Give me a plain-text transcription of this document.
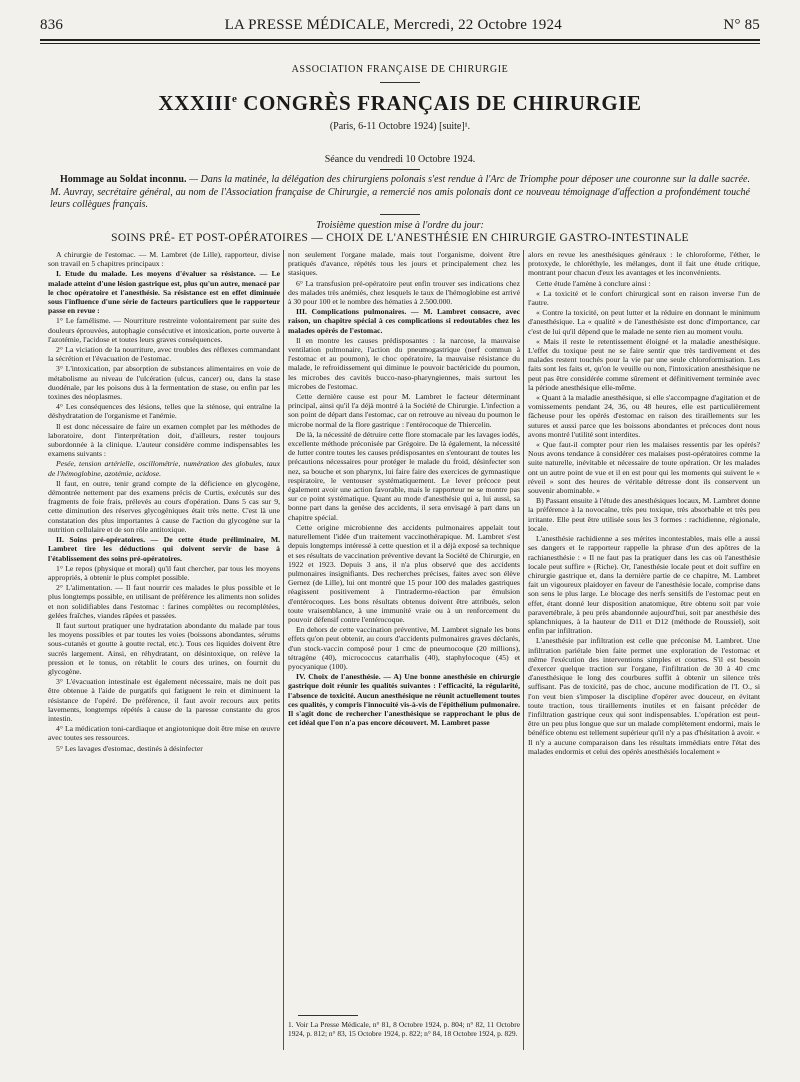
836	LA PRESSE MÉDICALE, Mercredi, 22 Octobre 1924	N° 85
ASSOCIATION FRANÇAISE DE CHIRURGIE
XXXIIIe CONGRÈS FRANÇAIS DE CHIRURGIE
(Paris, 6-11 Octobre 1924) [suite]¹.
Séance du vendredi 10 Octobre 1924.
Hommage au Soldat inconnu. — Dans la matinée, la délégation des chirurgiens polonais s'est rendue à l'Arc de Triomphe pour déposer une couronne sur la dalle sacrée. M. Auvray, secrétaire général, au nom de l'Association française de Chirurgie, a remercié nos amis polonais dont ce nouveau témoignage d'affection a profondément touché leurs collègues français.
Troisième question mise à l'ordre du jour:
SOINS PRÉ- ET POST-OPÉRATOIRES — CHOIX DE L'ANESTHÉSIE EN CHIRURGIE GASTRO-INTESTINALE

A chirurgie de l'estomac. — M. Lambret (de Lille), rapporteur, divise son travail en 5 chapitres principaux :

I. Etude du malade. Les moyens d'évaluer sa résistance. — Le malade atteint d'une lésion gastrique est, plus qu'un autre, menacé par le choc opératoire et l'anesthésie. Sa résistance est en effet diminuée sous l'influence d'une série de facteurs particuliers que le rapporteur passe en revue :

1° Le famélisme. — Nourriture restreinte volontairement par suite des douleurs éprouvées, autophagie consécutive et intoxication, porte ouverte à l'azotémie, l'acidose et toutes leurs graves conséquences.

2° La viciation de la nourriture, avec troubles des réflexes commandant la sécrétion et l'évacuation de l'estomac.

3° L'intoxication, par absorption de substances alimentaires en voie de métabolisme au niveau de l'ulcération (ulcus, cancer) ou, dans la stase duodénale, par les poisons dus à la fermentation de stase, ou enfin par les toxines des néoplasmes.

4° Les conséquences des lésions, telles que la sténose, qui entraîne la déshydratation de l'organisme et l'anémie.

Il est donc nécessaire de faire un examen complet par les méthodes de laboratoire, dont l'interprétation doit, d'ailleurs, rester toujours subordonnée à la clinique. L'auteur considère comme indispensables les examens suivants :

Pesée, tension artérielle, oscillométrie, numération des globules, taux de l'hémoglobine, azotémie, acidose.

Il faut, en outre, tenir grand compte de la déficience en glycogène, démontrée nettement par des examens précis de Curtis, exécutés sur des fragments de foie frais, prélevés au cours d'opération. Dans 5 cas sur 9, cette diminution des réserves glycogéniques était très nette. C'est là une constatation des plus importantes à cause de l'action du glycogène sur la nutrition cellulaire et de son rôle antitoxique.

II. Soins pré-opératoires. — De cette étude préliminaire, M. Lambret tire les déductions qui doivent servir de base à l'établissement des soins pré-opératoires.

1° Le repos (physique et moral) qu'il faut chercher, par tous les moyens appropriés, à obtenir le plus complet possible.

2° L'alimentation. — Il faut nourrir ces malades le plus possible et le plus longtemps possible, en utilisant de préférence les aliments non solides et non solidifiables dans l'estomac : farines complètes ou recomplétées, gelées fraîches, viandes râpées et passées.

Il faut surtout pratiquer une hydratation abondante du malade par tous les moyens possibles et par toutes les voies (boissons abondantes, sérums sous-cutanés et goutte à goutte rectal, etc.). Tous ces liquides doivent être sucrés largement. Ainsi, en réhydratant, on désintoxique, on relève la pression et le tonus, on rétablit le cours des urines, on fournit du glycogène.

3° L'évacuation intestinale est également nécessaire, mais ne doit pas être obtenue à l'aide de purgatifs qui fatiguent le rein et diminuent la résistance de l'opéré. De préférence, il faut avoir recours aux petits lavements, longtemps répétés à cause de la paresse constante du gros intestin.

4° La médication toni-cardiaque et angiotonique doit être mise en œuvre avec toutes ses ressources.

5° Les lavages d'estomac, destinés à désinfecter

non seulement l'organe malade, mais tout l'organisme, doivent être pratiqués d'avance, répétés tous les jours et principalement chez les stasiques.

6° La transfusion pré-opératoire peut enfin trouver ses indications chez des malades très anémiés, chez lesquels le taux de l'hémoglobine est arrivé à 30 pour 100 et le nombre des hématies à 2.500.000.

III. Complications pulmonaires. — M. Lambret consacre, avec raison, un chapitre spécial à ces complications si redoutables chez les malades opérés de l'estomac.

Il en montre les causes prédisposantes : la narcose, la mauvaise ventilation pulmonaire, l'action du pneumogastrique (nerf commun à l'estomac et au poumon), le choc opératoire, la mauvaise résistance du malade, le refroidissement qui diminue le pouvoir bactéricide du poumon, les microbes des cavités bucco-naso-pharyngiennes, mais surtout les microbes de l'estomac.

Cette dernière cause est pour M. Lambret le facteur déterminant principal, ainsi qu'il l'a déjà montré à la Société de Chirurgie. L'infection a son point de départ dans l'estomac, car on retrouve au niveau du poumon le microbe normal de la flore gastrique : l'entérocoque de Thiercelin.

De là, la nécessité de détruire cette flore stomacale par les lavages iodés, excellente méthode préconisée par Grégoire. De là également, la nécessité de lutter contre toutes les causes prédisposantes en s'entourant de toutes les précautions nécessaires pour protéger le malade du froid, désinfecter son nez, sa bouche et son pharynx, lui faire faire des exercices de gymnastique respiratoire, le ventouser systématiquement. Le lever précoce peut également avoir une action favorable, mais le rapporteur ne se montre pas sur ce point systématique. Quant au mode d'anesthésie qui a, lui aussi, sa bonne part dans la genèse des accidents, il sera envisagé à part dans un chapitre spécial.

Cette origine microbienne des accidents pulmonaires appelait tout naturellement l'idée d'un traitement vaccinothérapique. M. Lambret s'est depuis longtemps intéressé à cette question et il a déjà exposé sa technique et ses résultats de vaccination préventive devant la Société de Chirurgie, en 1922 et 1923. Depuis 3 ans, il n'a plus observé que des accidents pulmonaires insignifiants. Des recherches précises, faites avec son élève Gernez (de Lille), lui ont montré que 15 pour 100 des malades gastriques réagissent positivement à l'intradermo-réaction par émulsion d'entérocoques. Les bons résultats obtenus doivent être attribués, selon toute vraisemblance, à une immunité vraie ou à un renforcement du pouvoir défensif contre l'entérocoque.

En dehors de cette vaccination préventive, M. Lambret signale les bons effets qu'on peut obtenir, au cours d'accidents pulmonaires graves déclarés, d'un stock-vaccin composé pour 1 cmc de pneumocoque (20 millions), tétragène (40), micrococcus catarrhalis (40), staphylocoque (45) et pyocyanique (100).

IV. Choix de l'anesthésie. — A) Une bonne anesthésie en chirurgie gastrique doit réunir les qualités suivantes : l'efficacité, la régularité, l'absence de toxicité. Aucun anesthésique ne réunit actuellement toutes ces qualités, y compris l'innocuité vis-à-vis de l'épithélium pulmonaire. Il s'agit donc de rechercher l'anesthésique se rapprochant le plus de cet idéal que l'on n'a pas encore découvert. M. Lambret passe

1. Voir La Presse Médicale, n° 81, 8 Octobre 1924, p. 804; n° 82, 11 Octobre 1924, p. 812; n° 83, 15 Octobre 1924, p. 822; n° 84, 18 Octobre 1924, p. 829.

alors en revue les anesthésiques généraux : le chloroforme, l'éther, le protoxyde, le chloréthyle, les mélanges, dont il fait une étude critique, montrant pour chacun d'eux les avantages et les inconvénients.

Cette étude l'amène à conclure ainsi :

« La toxicité et le confort chirurgical sont en raison inverse l'un de l'autre.

« Contre la toxicité, on peut lutter et la réduire en donnant le minimum d'anesthésique. La « qualité » de l'anesthésiste est donc d'importance, car c'est de lui qu'il dépend que le malade ne sente rien au moment voulu.

« Mais il reste le retentissement éloigné et la maladie anesthésique. L'effet du toxique peut ne se faire sentir que très tardivement et des malades restent touchés pour la vie par une seule chloroformisation. Les faits sont les faits et, qu'on le veuille ou non, l'intoxication anesthésique ne peut pas être considérée comme sûrement et définitivement terminée avec la période anesthésique elle-même.

« Quant à la maladie anesthésique, si elle s'accompagne d'agitation et de vomissements pendant 24, 36, ou 48 heures, elle est particulièrement fâcheuse pour les opérés d'estomac en raison des tiraillements sur les sutures et aussi parce que les boissons abondantes et précoces dont nous avons montré l'utilité sont interdites.

« Que faut-il compter pour rien les malaises ressentis par les opérés? Nous avons tendance à considérer ces malaises post-opératoires comme la suite naturelle, inévitable et nécessaire de toute opération. Or les malades ont un autre point de vue et il en est pour qui les moments qui suivent le « réveil » sont des heures de véritable détresse dont ils conservent un souvenir abominable. »

B) Passant ensuite à l'étude des anesthésiques locaux, M. Lambret donne la préférence à la novocaïne, très peu toxique, très absorbable et très peu irritante. Elle peut être utilisée sous les 3 formes : rachidienne, régionale, locale.

L'anesthésie rachidienne a ses mérites incontestables, mais elle a aussi ses dangers et le rapporteur rappelle la phrase d'un des apôtres de la rachianesthésie : « Il ne faut pas la pratiquer dans les cas où l'anesthésie locale peut suffire » (Riche). Or, l'anesthésie locale peut et doit suffire en chirurgie gastrique et, dans la dernière partie de ce chapitre, M. Lambret fait un vigoureux plaidoyer en faveur de l'anesthésie locale, comprise dans son sens le plus large. Le blocage des nerfs sensitifs de l'estomac peut en effet, étant donné leur disposition anatomique, être obtenu soit par voie paravertébrale, à peu près abandonnée aujourd'hui, soit par anesthésie des splanchniques, à la hauteur de D11 et D12 (méthode de Roussiel), soit enfin par infiltration.

L'anesthésie par infiltration est celle que préconise M. Lambret. Une infiltration pariétale bien faite permet une exploration de l'estomac et même l'exécution des interventions simples et courtes. S'il est besoin d'exercer quelque traction sur l'organe, l'infiltration de 30 à 40 cmc d'anesthésique le long des courbures suffit à obtenir un silence très suffisant. Pas de toxicité, pas de choc, aucune modification de l'I. O., si l'on veut bien s'imposer la discipline d'opérer avec douceur, en évitant toute traction, tous tiraillements inutiles et en faisant précéder de l'infiltration gastrique ceux qui sont indispensables. L'opération est peut-être un peu plus longue que sur un malade complètement endormi, mais le bénéfice obtenu est tellement supérieur qu'il n'y a pas d'hésitation à avoir. « Il n'y a aucune comparaison dans les résultats immédiats entre l'état des malades endormis et celui des opérés anesthésiés localement »
